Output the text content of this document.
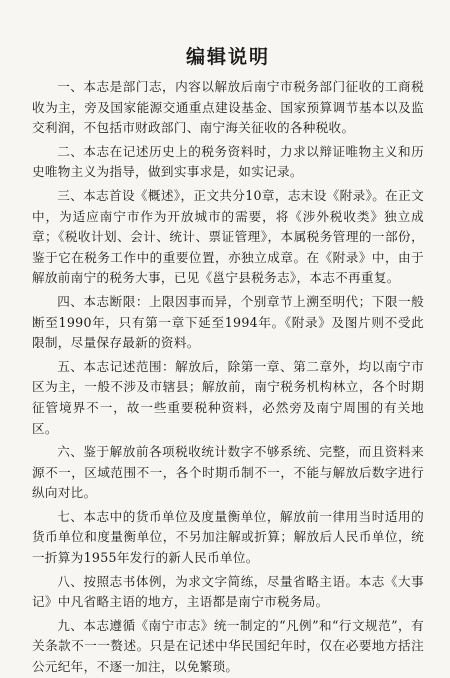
编辑说明

一、本志是部门志，内容以解放后南宁市税务部门征收的工商税收为主，旁及国家能源交通重点建设基金、国家预算调节基本以及监交利润，不包括市财政部门、南宁海关征收的各种税收。

二、本志在记述历史上的税务资料时，力求以辩证唯物主义和历史唯物主义为指导，做到实事求是，如实记录。

三、本志首设《概述》，正文共分10章，志末设《附录》。在正文中，为适应南宁市作为开放城市的需要，将《涉外税收类》独立成章；《税收计划、会计、统计、票证管理》，本属税务管理的一部份，鉴于它在税务工作中的重要位置，亦独立成章。在《附录》中，由于解放前南宁的税务大事，已见《邕宁县税务志》，本志不再重复。

四、本志断限：上限因事而异，个别章节上溯至明代；下限一般断至1990年，只有第一章下延至1994年。《附录》及图片则不受此限制，尽量保存最新的资料。

五、本志记述范围：解放后，除第一章、第二章外，均以南宁市区为主，一般不涉及市辖县；解放前，南宁税务机构林立，各个时期征管境界不一，故一些重要税种资料，必然旁及南宁周围的有关地区。

六、鉴于解放前各项税收统计数字不够系统、完整，而且资料来源不一，区域范围不一，各个时期币制不一，不能与解放后数字进行纵向对比。

七、本志中的货币单位及度量衡单位，解放前一律用当时适用的货币单位和度量衡单位，不另加注解或折算；解放后人民币单位，统一折算为1955年发行的新人民币单位。

八、按照志书体例，为求文字简练，尽量省略主语。本志《大事记》中凡省略主语的地方，主语都是南宁市税务局。

九、本志遵循《南宁市志》统一制定的“凡例”和“行文规范”，有关条款不一一赘述。只是在记述中华民国纪年时，仅在必要地方括注公元纪年，不逐一加注，以免繁琐。
